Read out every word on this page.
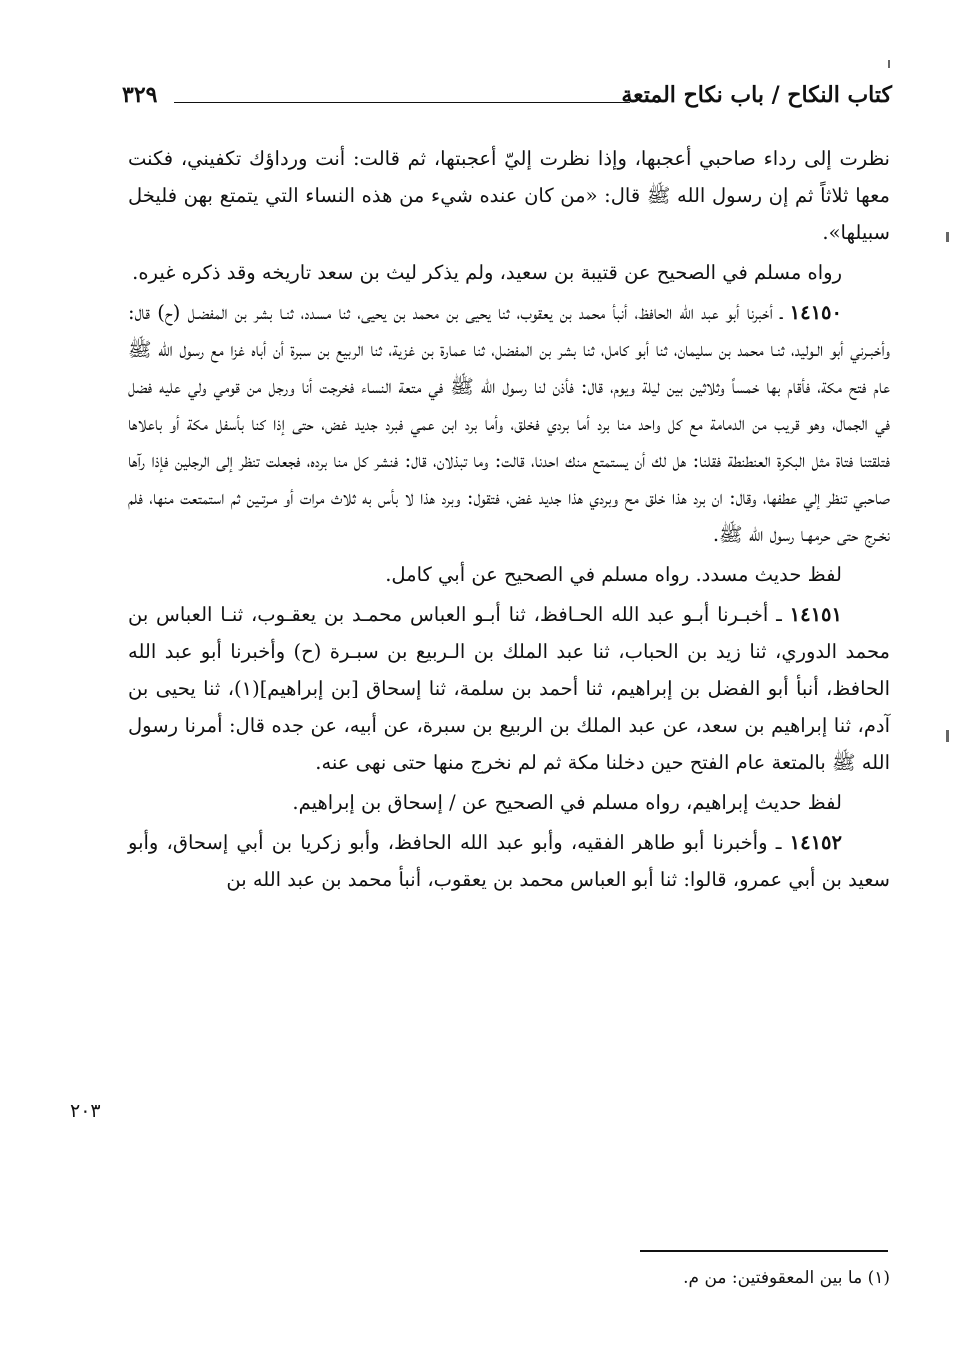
كتاب النكاح / باب نكاح المتعة
٣٢٩

نظرت إلى رداء صاحبي أعجبها، وإذا نظرت إليّ أعجبتها، ثم قالت: أنت ورداؤك تكفيني، فكنت معها ثلاثاً ثم إن رسول الله ﷺ قال: «من كان عنده شيء من هذه النساء التي يتمتع بهن فليخل سبيلها».

رواه مسلم في الصحيح عن قتيبة بن سعيد، ولم يذكر ليث بن سعد تاريخه وقد ذكره غيره.

١٤١٥٠ ـ أخبرنا أبو عبد الله الحافظ، أنبأ محمد بن يعقوب، ثنا يحيى بن محمد بن يحيى، ثنا مسدد، ثنـا بشر بن المفضـل (ح) قال: وأخبـرني أبو الـوليد، ثنـا محمد بن سليمان، ثنا أبو كامل، ثنا بشر بن المفضل، ثنا عمارة بن غزية، ثنا الربيع بن سبرة أن أباه غزا مع رسول الله ﷺ عام فتح مكة، فأقام بها خمساً وثلاثين بين ليلة ويوم، قال: فأذن لنا رسول الله ﷺ في متعة النساء فخرجت أنا ورجل من قومي ولي عليه فضل في الجمال، وهو قريب من الدمامة مع كل واحد منا برد أما بردي فخلق، وأما برد ابن عمي فبرد جديد غض، حتى إذا كنا بأسفل مكة أو باعلاها فتلقتنا فتاة مثل البكرة العنطنطة فقلنا: هل لك أن يستمتع منك احدنا، قالت: وما تبذلان، قال: فنشر كل منا برده، فجعلت تنظر إلى الرجلين فإذا رآها صاحبي تنظر إلي عطفها، وقال: ان برد هذا خلق مح وبردي هذا جديد غض، فتقول: وبرد هذا لا بأس به ثلاث مرات أو مـرتـين ثم استمتعت منها، فلم نخـرج حتى حرمهـا رسول الله ﷺ.

لفظ حديث مسدد. رواه مسلم في الصحيح عن أبي كامل.

١٤١٥١ ـ أخبـرنا أبـو عبد الله الحـافظ، ثنا أبـو العباس محمـد بن يعقـوب، ثنـا العباس بن محمد الدوري، ثنا زيد بن الحباب، ثنا عبد الملك بن الـربيع بن سبـرة (ح) وأخبرنا أبو عبد الله الحافظ، أنبأ أبو الفضل بن إبراهيم، ثنا أحمد بن سلمة، ثنا إسحاق [بن إبراهيم](١)، ثنا يحيى بن آدم، ثنا إبراهيم بن سعد، عن عبد الملك بن الربيع بن سبرة، عن أبيه، عن جده قال: أمرنا رسول الله ﷺ بالمتعة عام الفتح حين دخلنا مكة ثم لم نخرج منها حتى نهى عنه.

لفظ حديث إبراهيم، رواه مسلم في الصحيح عن / إسحاق بن إبراهيم.

١٤١٥٢ ـ وأخبرنا أبو طاهر الفقيه، وأبو عبد الله الحافظ، وأبو زكريا بن أبي إسحاق، وأبو سعيد بن أبي عمرو، قالوا: ثنا أبو العباس محمد بن يعقوب، أنبأ محمد بن عبد الله بن

٢٠٣
(١) ما بين المعقوفتين: من م.
